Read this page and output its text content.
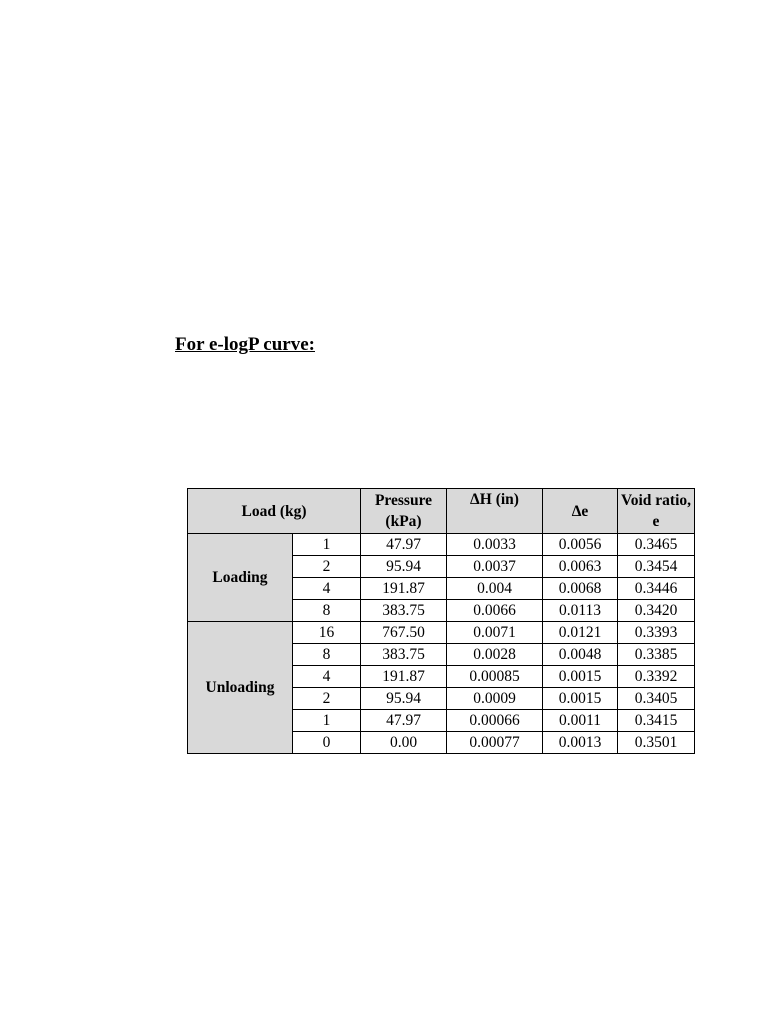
For e-logP curve:

Load (kg)		Pressure (kPa)	ΔH (in)	Δe	Void ratio, e
Loading	1	47.97	0.0033	0.0056	0.3465
	2	95.94	0.0037	0.0063	0.3454
	4	191.87	0.004	0.0068	0.3446
	8	383.75	0.0066	0.0113	0.3420
Unloading	16	767.50	0.0071	0.0121	0.3393
	8	383.75	0.0028	0.0048	0.3385
	4	191.87	0.00085	0.0015	0.3392
	2	95.94	0.0009	0.0015	0.3405
	1	47.97	0.00066	0.0011	0.3415
	0	0.00	0.00077	0.0013	0.3501
